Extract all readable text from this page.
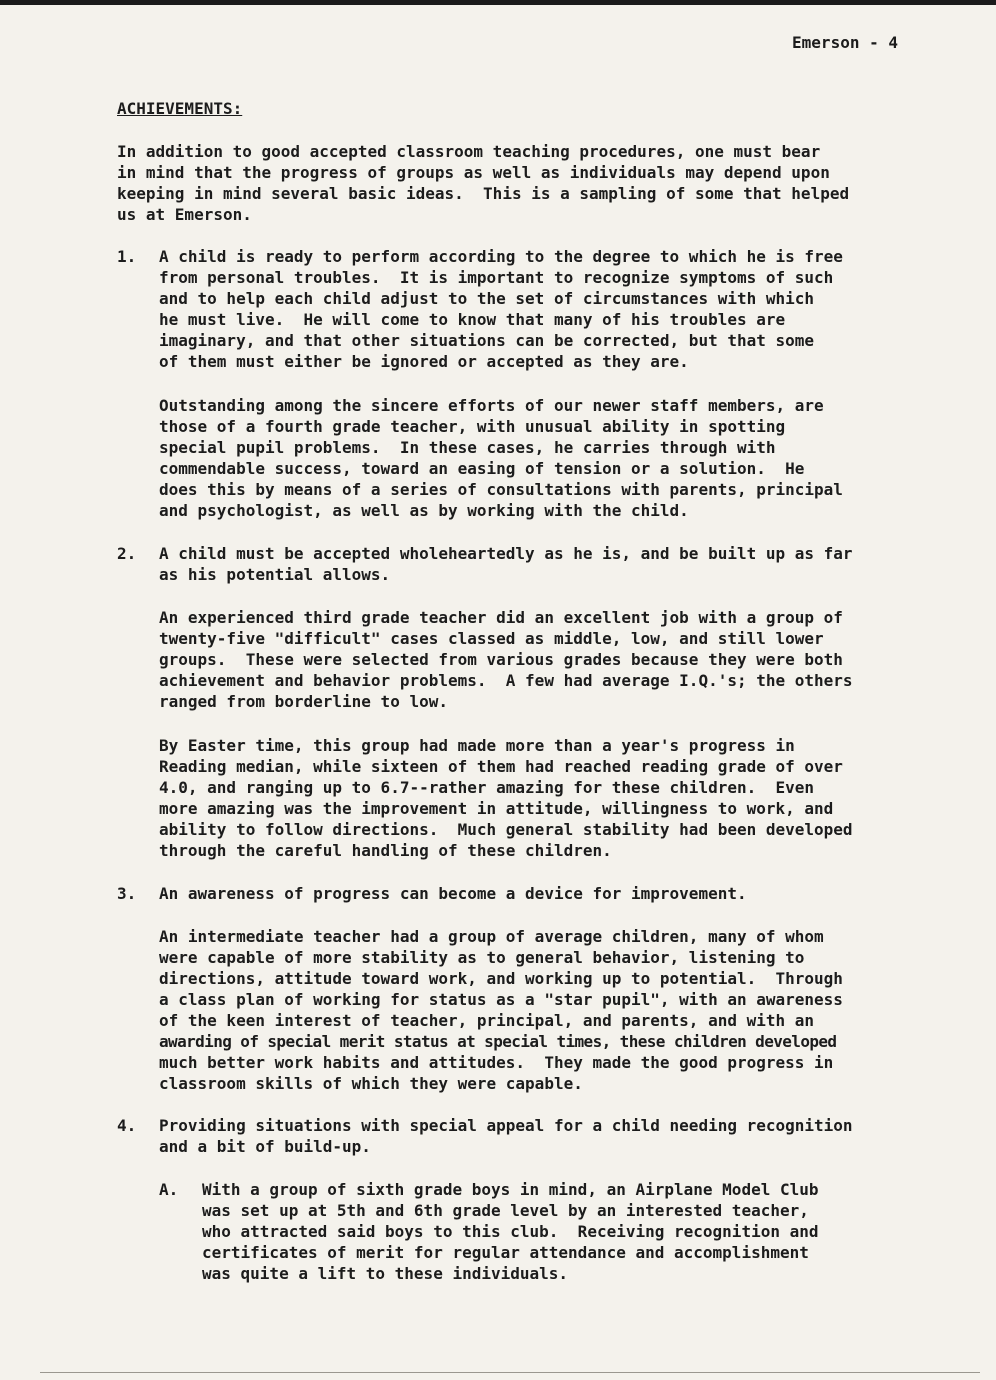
Emerson - 4
ACHIEVEMENTS:
In addition to good accepted classroom teaching procedures, one must bear
in mind that the progress of groups as well as individuals may depend upon
keeping in mind several basic ideas.  This is a sampling of some that helped
us at Emerson.
1. A child is ready to perform according to the degree to which he is free
from personal troubles.  It is important to recognize symptoms of such
and to help each child adjust to the set of circumstances with which
he must live.  He will come to know that many of his troubles are
imaginary, and that other situations can be corrected, but that some
of them must either be ignored or accepted as they are.
Outstanding among the sincere efforts of our newer staff members, are
those of a fourth grade teacher, with unusual ability in spotting
special pupil problems.  In these cases, he carries through with
commendable success, toward an easing of tension or a solution.  He
does this by means of a series of consultations with parents, principal
and psychologist, as well as by working with the child.
2. A child must be accepted wholeheartedly as he is, and be built up as far
as his potential allows.
An experienced third grade teacher did an excellent job with a group of
twenty-five "difficult" cases classed as middle, low, and still lower
groups.  These were selected from various grades because they were both
achievement and behavior problems.  A few had average I.Q.'s; the others
ranged from borderline to low.
By Easter time, this group had made more than a year's progress in
Reading median, while sixteen of them had reached reading grade of over
4.0, and ranging up to 6.7--rather amazing for these children.  Even
more amazing was the improvement in attitude, willingness to work, and
ability to follow directions.  Much general stability had been developed
through the careful handling of these children.
3. An awareness of progress can become a device for improvement.
An intermediate teacher had a group of average children, many of whom
were capable of more stability as to general behavior, listening to
directions, attitude toward work, and working up to potential.  Through
a class plan of working for status as a "star pupil", with an awareness
of the keen interest of teacher, principal, and parents, and with an
awarding of special merit status at special times, these children developed
much better work habits and attitudes.  They made the good progress in
classroom skills of which they were capable.
4. Providing situations with special appeal for a child needing recognition
and a bit of build-up.
A. With a group of sixth grade boys in mind, an Airplane Model Club
was set up at 5th and 6th grade level by an interested teacher,
who attracted said boys to this club.  Receiving recognition and
certificates of merit for regular attendance and accomplishment
was quite a lift to these individuals.
